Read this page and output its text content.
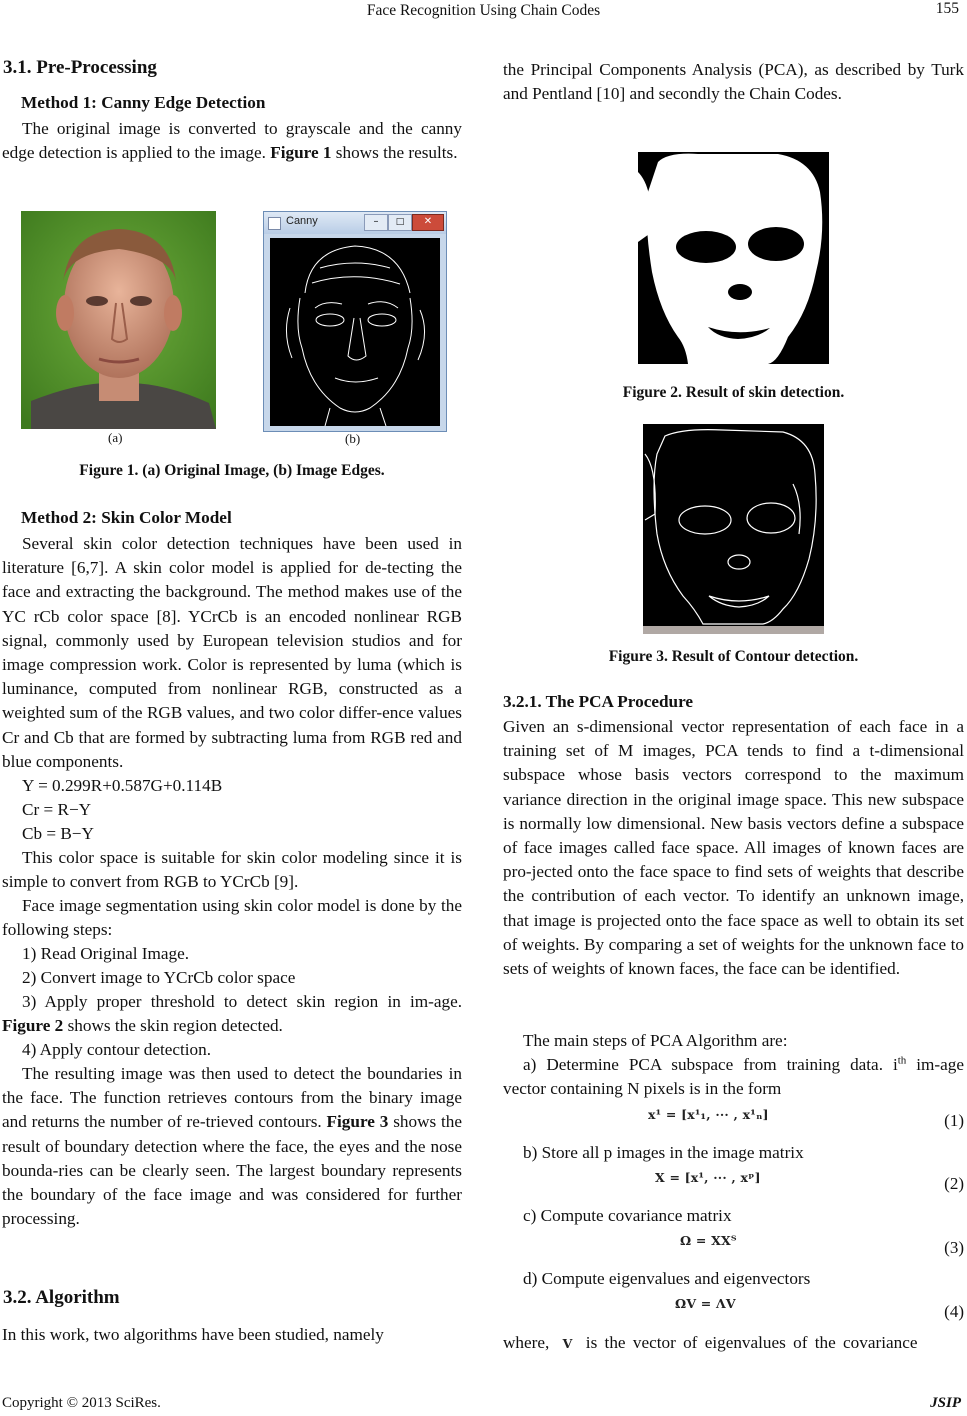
Face Recognition Using Chain Codes	155
3.1. Pre-Processing
Method 1: Canny Edge Detection

The original image is converted to grayscale and the canny edge detection is applied to the image. Figure 1 shows the results.

Canny	–	□	✕
(a)	(b)
Figure 1. (a) Original Image, (b) Image Edges.
Method 2: Skin Color Model

Several skin color detection techniques have been used in literature [6,7]. A skin color model is applied for de-tecting the face and extracting the background. The method makes use of the YC rCb color space [8]. YCrCb is an encoded nonlinear RGB signal, commonly used by European television studios and for image compression work. Color is represented by luma (which is luminance, computed from nonlinear RGB, constructed as a weighted sum of the RGB values, and two color differ-ence values Cr and Cb that are formed by subtracting luma from RGB red and blue components.

Y = 0.299R+0.587G+0.114B
Cr = R−Y
Cb = B−Y

This color space is suitable for skin color modeling since it is simple to convert from RGB to YCrCb [9].

Face image segmentation using skin color model is done by the following steps:

1) Read Original Image.
2) Convert image to YCrCb color space

3) Apply proper threshold to detect skin region in im-age. Figure 2 shows the skin region detected.

4) Apply contour detection.

The resulting image was then used to detect the boundaries in the face. The function retrieves contours from the binary image and returns the number of re-trieved contours. Figure 3 shows the result of boundary detection where the face, the eyes and the nose bounda-ries can be clearly seen. The largest boundary represents the boundary of the face image and was considered for further processing.

3.2. Algorithm

In this work, two algorithms have been studied, namely

the Principal Components Analysis (PCA), as described by Turk and Pentland [10] and secondly the Chain Codes.

Figure 2. Result of skin detection.
Figure 3. Result of Contour detection.
3.2.1. The PCA Procedure

Given an s-dimensional vector representation of each face in a training set of M images, PCA tends to find a t-dimensional subspace whose basis vectors correspond to the maximum variance direction in the original image space. This new subspace is normally low dimensional. New basis vectors define a subspace of face images called face space. All images of known faces are pro-jected onto the face space to find sets of weights that describe the contribution of each vector. To identify an unknown image, that image is projected onto the face space as well to obtain its set of weights. By comparing a set of weights for the unknown face to sets of weights of known faces, the face can be identified.

The main steps of PCA Algorithm are:

a) Determine PCA subspace from training data. $i^{th}$ im-age vector containing N pixels is in the form

x¹ = [x¹₁, ··· , x¹ₙ]	(1)
b) Store all p images in the image matrix
X = [x¹, ··· , xᵖ]	(2)
c) Compute covariance matrix
Ω = XXᵀ	(3)
d) Compute eigenvalues and eigenvectors
ΩV = ΛV	(4)

where, V is the vector of eigenvalues of the covariance

Copyright © 2013 SciRes.	JSIP
